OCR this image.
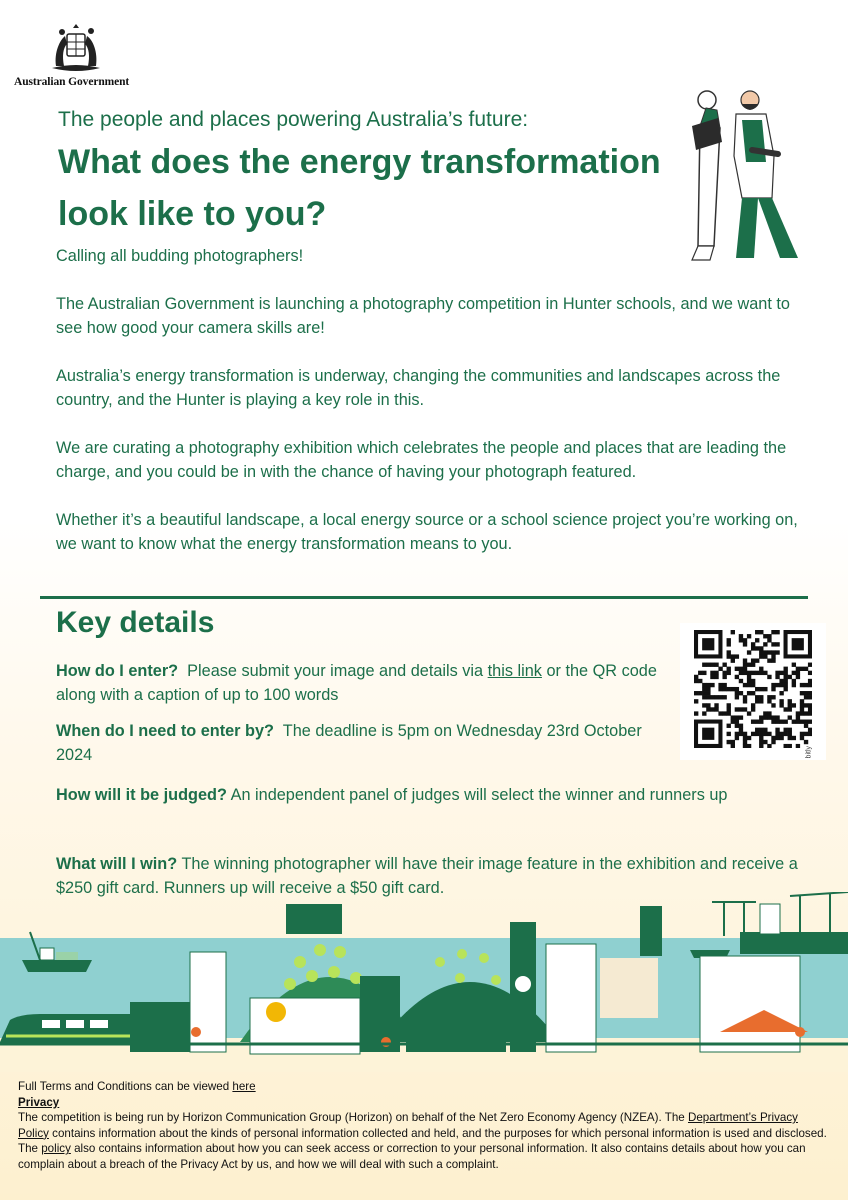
Australian Government
The people and places powering Australia’s future:
What does the energy transformation look like to you?

Calling all budding photographers!

The Australian Government is launching a photography competition in Hunter schools, and we want to see how good your camera skills are!

Australia’s energy transformation is underway, changing the communities and landscapes across the country, and the Hunter is playing a key role in this.

We are curating a photography exhibition which celebrates the people and places that are leading the charge, and you could be in with the chance of having your photograph featured.

Whether it’s a beautiful landscape, a local energy source or a school science project you’re working on, we want to know what the energy transformation means to you.

Key details
How do I enter? Please submit your image and details via this link or the QR code along with a caption of up to 100 words
When do I need to enter by? The deadline is 5pm on Wednesday 23rd October 2024
How will it be judged? An independent panel of judges will select the winner and runners up
What will I win? The winning photographer will have their image feature in the exhibition and receive a $250 gift card. Runners up will receive a $50 gift card.
bitly

Full Terms and Conditions can be viewed here

Privacy

The competition is being run by Horizon Communication Group (Horizon) on behalf of the Net Zero Economy Agency (NZEA). The Department’s Privacy Policy contains information about the kinds of personal information collected and held, and the purposes for which personal information is used and disclosed. The policy also contains information about how you can seek access or correction to your personal information. It also contains details about how you can complain about a breach of the Privacy Act by us, and how we will deal with such a complaint.
